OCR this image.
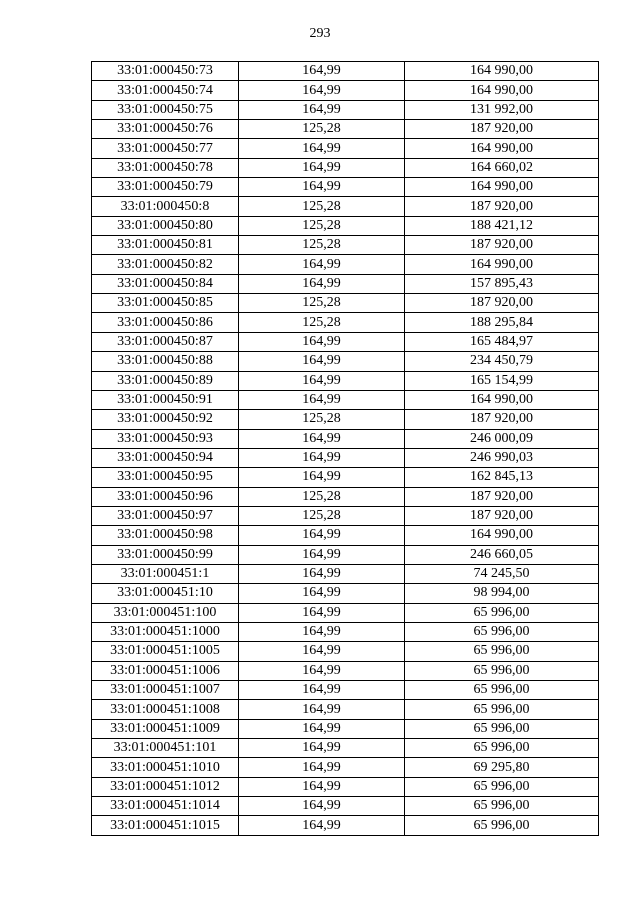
293
33:01:000450:73	164,99	164 990,00
33:01:000450:74	164,99	164 990,00
33:01:000450:75	164,99	131 992,00
33:01:000450:76	125,28	187 920,00
33:01:000450:77	164,99	164 990,00
33:01:000450:78	164,99	164 660,02
33:01:000450:79	164,99	164 990,00
33:01:000450:8	125,28	187 920,00
33:01:000450:80	125,28	188 421,12
33:01:000450:81	125,28	187 920,00
33:01:000450:82	164,99	164 990,00
33:01:000450:84	164,99	157 895,43
33:01:000450:85	125,28	187 920,00
33:01:000450:86	125,28	188 295,84
33:01:000450:87	164,99	165 484,97
33:01:000450:88	164,99	234 450,79
33:01:000450:89	164,99	165 154,99
33:01:000450:91	164,99	164 990,00
33:01:000450:92	125,28	187 920,00
33:01:000450:93	164,99	246 000,09
33:01:000450:94	164,99	246 990,03
33:01:000450:95	164,99	162 845,13
33:01:000450:96	125,28	187 920,00
33:01:000450:97	125,28	187 920,00
33:01:000450:98	164,99	164 990,00
33:01:000450:99	164,99	246 660,05
33:01:000451:1	164,99	74 245,50
33:01:000451:10	164,99	98 994,00
33:01:000451:100	164,99	65 996,00
33:01:000451:1000	164,99	65 996,00
33:01:000451:1005	164,99	65 996,00
33:01:000451:1006	164,99	65 996,00
33:01:000451:1007	164,99	65 996,00
33:01:000451:1008	164,99	65 996,00
33:01:000451:1009	164,99	65 996,00
33:01:000451:101	164,99	65 996,00
33:01:000451:1010	164,99	69 295,80
33:01:000451:1012	164,99	65 996,00
33:01:000451:1014	164,99	65 996,00
33:01:000451:1015	164,99	65 996,00
